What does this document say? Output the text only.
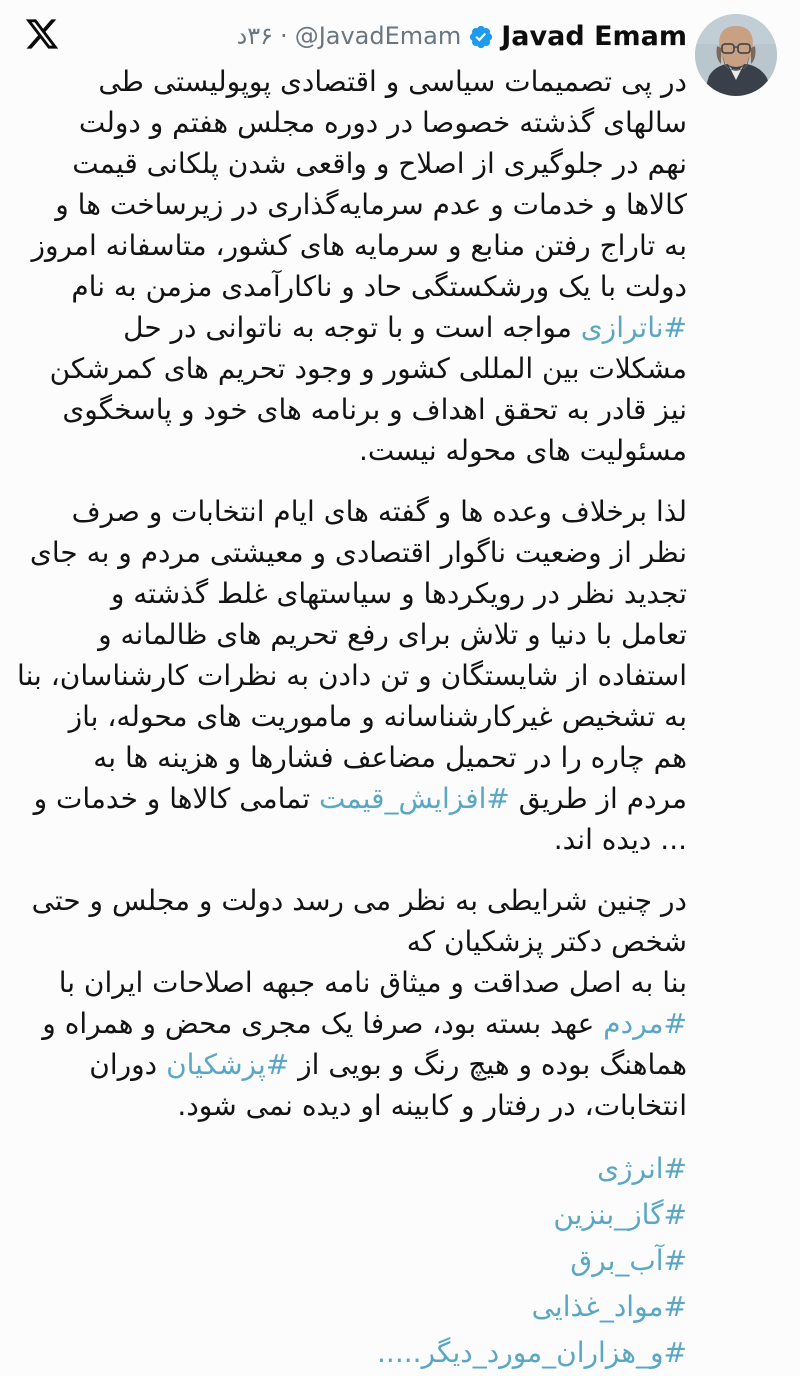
Javad Emam
@JavadEmam
·
۳۶د
در پی تصمیمات سیاسی و اقتصادی پوپولیستی طی
سالهای گذشته خصوصا در دوره مجلس هفتم و دولت
نهم در جلوگیری از اصلاح و واقعی شدن پلکانی قیمت
کالاها و خدمات و عدم سرمایه‌گذاری در زیرساخت ها و
به تاراج رفتن منابع و سرمایه های کشور، متاسفانه امروز
دولت با یک ورشکستگی حاد و ناکارآمدی مزمن به نام
#ناترازی مواجه است و با توجه به ناتوانی در حل
مشکلات بین المللی کشور و وجود تحریم های کمرشکن
نیز قادر به تحقق اهداف و برنامه های خود و پاسخگوی
مسئولیت های محوله نیست.
لذا برخلاف وعده ها و گفته های ایام انتخابات و صرف
نظر از وضعیت ناگوار اقتصادی و معیشتی مردم و به جای
تجدید نظر در رویکردها و سیاستهای غلط گذشته و
تعامل با دنیا و تلاش برای رفع تحریم های ظالمانه و
استفاده از شایستگان و تن دادن به نظرات کارشناسان، بنا
به تشخیص غیرکارشناسانه و ماموریت های محوله، باز
هم چاره را در تحمیل مضاعف فشارها و هزینه ها به
مردم از طریق #افزایش_قیمت تمامی کالاها و خدمات و
... دیده اند.
در چنین شرایطی به نظر می رسد دولت و مجلس و حتی
شخص دکتر پزشکیان که
بنا به اصل صداقت و میثاق نامه جبهه اصلاحات ایران با
#مردم عهد بسته بود، صرفا یک مجری محض و همراه و
هماهنگ بوده و هیچ رنگ و بویی از #پزشکیان دوران
انتخابات، در رفتار و کابینه او دیده نمی شود.
#انرژی
#گاز_بنزین
#آب_برق
#مواد_غذایی
#و_هزاران_مورد_دیگر.....
